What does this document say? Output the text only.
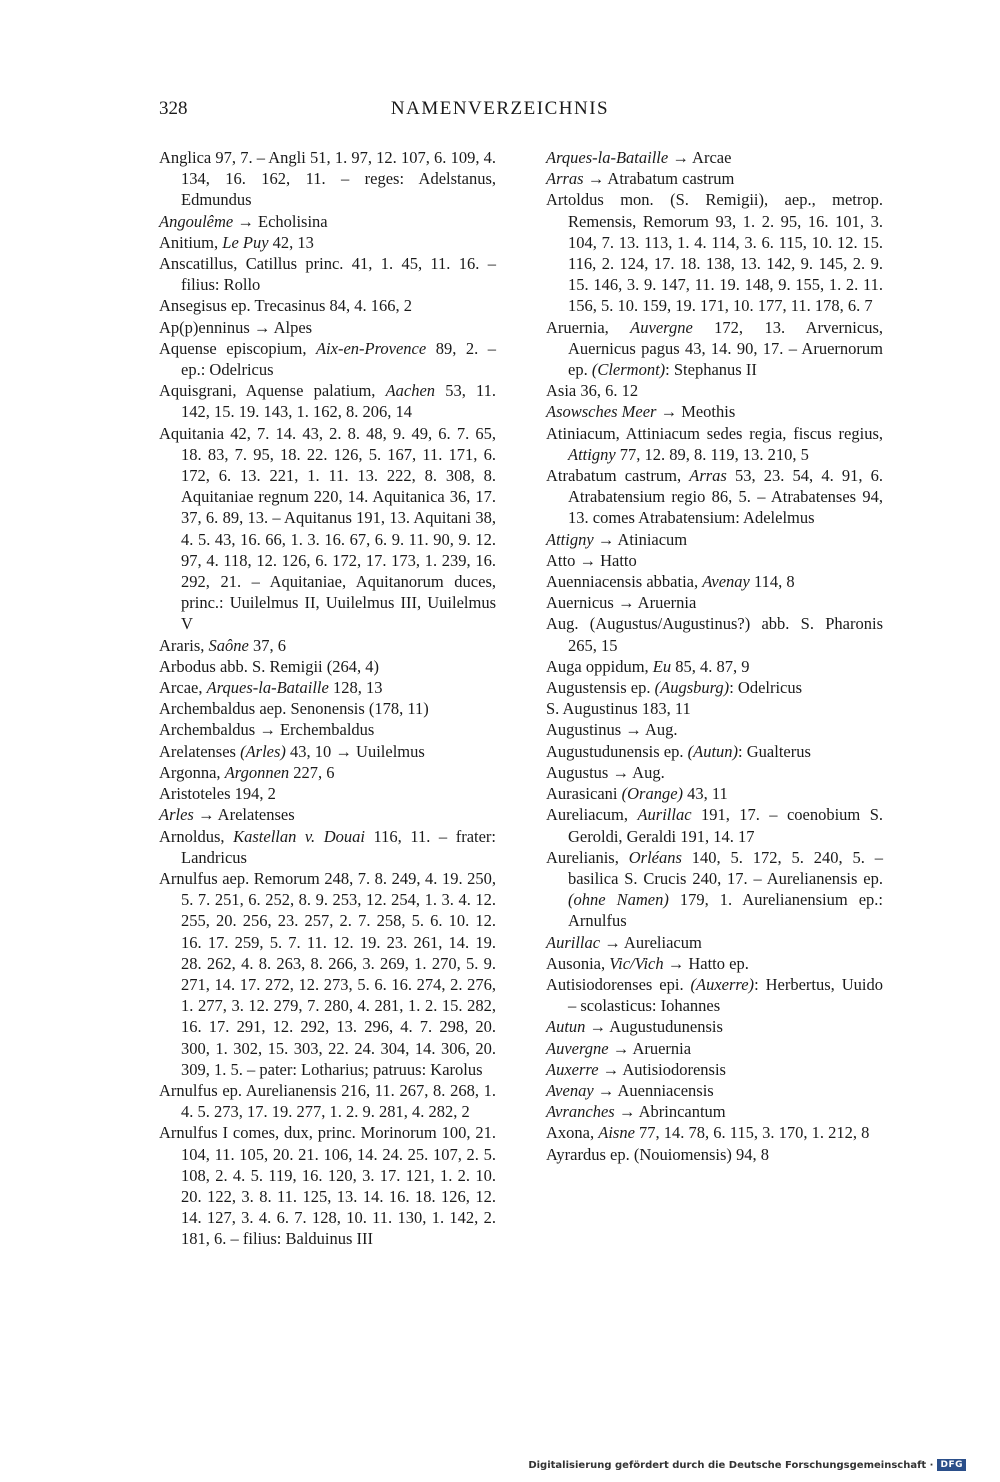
328	NAMENVERZEICHNIS

Anglica 97, 7. – Angli 51, 1. 97, 12. 107, 6. 109, 4. 134, 16. 162, 11. – reges: Adelstanus, Edmundus

Angoulême → Echolisina

Anitium, Le Puy 42, 13

Anscatillus, Catillus princ. 41, 1. 45, 11. 16. – filius: Rollo

Ansegisus ep. Trecasinus 84, 4. 166, 2

Ap(p)enninus → Alpes

Aquense episcopium, Aix-en-Provence 89, 2. – ep.: Odelricus

Aquisgrani, Aquense palatium, Aachen 53, 11. 142, 15. 19. 143, 1. 162, 8. 206, 14

Aquitania 42, 7. 14. 43, 2. 8. 48, 9. 49, 6. 7. 65, 18. 83, 7. 95, 18. 22. 126, 5. 167, 11. 171, 6. 172, 6. 13. 221, 1. 11. 13. 222, 8. 308, 8. Aquitaniae regnum 220, 14. Aquitanica 36, 17. 37, 6. 89, 13. – Aquitanus 191, 13. Aquitani 38, 4. 5. 43, 16. 66, 1. 3. 16. 67, 6. 9. 11. 90, 9. 12. 97, 4. 118, 12. 126, 6. 172, 17. 173, 1. 239, 16. 292, 21. – Aquitaniae, Aquitanorum duces, princ.: Uuilelmus II, Uuilelmus III, Uuilelmus V

Araris, Saône 37, 6

Arbodus abb. S. Remigii (264, 4)

Arcae, Arques-la-Bataille 128, 13

Archembaldus aep. Senonensis (178, 11)

Archembaldus → Erchembaldus

Arelatenses (Arles) 43, 10 → Uuilelmus

Argonna, Argonnen 227, 6

Aristoteles 194, 2

Arles → Arelatenses

Arnoldus, Kastellan v. Douai 116, 11. – frater: Landricus

Arnulfus aep. Remorum 248, 7. 8. 249, 4. 19. 250, 5. 7. 251, 6. 252, 8. 9. 253, 12. 254, 1. 3. 4. 12. 255, 20. 256, 23. 257, 2. 7. 258, 5. 6. 10. 12. 16. 17. 259, 5. 7. 11. 12. 19. 23. 261, 14. 19. 28. 262, 4. 8. 263, 8. 266, 3. 269, 1. 270, 5. 9. 271, 14. 17. 272, 12. 273, 5. 6. 16. 274, 2. 276, 1. 277, 3. 12. 279, 7. 280, 4. 281, 1. 2. 15. 282, 16. 17. 291, 12. 292, 13. 296, 4. 7. 298, 20. 300, 1. 302, 15. 303, 22. 24. 304, 14. 306, 20. 309, 1. 5. – pater: Lotharius; patruus: Karolus

Arnulfus ep. Aurelianensis 216, 11. 267, 8. 268, 1. 4. 5. 273, 17. 19. 277, 1. 2. 9. 281, 4. 282, 2

Arnulfus I comes, dux, princ. Morinorum 100, 21. 104, 11. 105, 20. 21. 106, 14. 24. 25. 107, 2. 5. 108, 2. 4. 5. 119, 16. 120, 3. 17. 121, 1. 2. 10. 20. 122, 3. 8. 11. 125, 13. 14. 16. 18. 126, 12. 14. 127, 3. 4. 6. 7. 128, 10. 11. 130, 1. 142, 2. 181, 6. – filius: Balduinus III

Arques-la-Bataille → Arcae

Arras → Atrabatum castrum

Artoldus mon. (S. Remigii), aep., metrop. Remensis, Remorum 93, 1. 2. 95, 16. 101, 3. 104, 7. 13. 113, 1. 4. 114, 3. 6. 115, 10. 12. 15. 116, 2. 124, 17. 18. 138, 13. 142, 9. 145, 2. 9. 15. 146, 3. 9. 147, 11. 19. 148, 9. 155, 1. 2. 11. 156, 5. 10. 159, 19. 171, 10. 177, 11. 178, 6. 7

Aruernia, Auvergne 172, 13. Arvernicus, Auernicus pagus 43, 14. 90, 17. – Aruernorum ep. (Clermont): Stephanus II

Asia 36, 6. 12

Asowsches Meer → Meothis

Atiniacum, Attiniacum sedes regia, fiscus regius, Attigny 77, 12. 89, 8. 119, 13. 210, 5

Atrabatum castrum, Arras 53, 23. 54, 4. 91, 6. Atrabatensium regio 86, 5. – Atrabatenses 94, 13. comes Atrabatensium: Adelelmus

Attigny → Atiniacum

Atto → Hatto

Auenniacensis abbatia, Avenay 114, 8

Auernicus → Aruernia

Aug. (Augustus/Augustinus?) abb. S. Pharonis 265, 15

Auga oppidum, Eu 85, 4. 87, 9

Augustensis ep. (Augsburg): Odelricus

S. Augustinus 183, 11

Augustinus → Aug.

Augustudunensis ep. (Autun): Gualterus

Augustus → Aug.

Aurasicani (Orange) 43, 11

Aureliacum, Aurillac 191, 17. – coenobium S. Geroldi, Geraldi 191, 14. 17

Aurelianis, Orléans 140, 5. 172, 5. 240, 5. – basilica S. Crucis 240, 17. – Aurelianensis ep. (ohne Namen) 179, 1. Aurelianensium ep.: Arnulfus

Aurillac → Aureliacum

Ausonia, Vic/Vich → Hatto ep.

Autisiodorenses epi. (Auxerre): Herbertus, Uuido – scolasticus: Iohannes

Autun → Augustudunensis

Auvergne → Aruernia

Auxerre → Autisiodorensis

Avenay → Auenniacensis

Avranches → Abrincantum

Axona, Aisne 77, 14. 78, 6. 115, 3. 170, 1. 212, 8

Ayrardus ep. (Nouiomensis) 94, 8

Digitalisierung gefördert durch die Deutsche Forschungsgemeinschaft · DFG
